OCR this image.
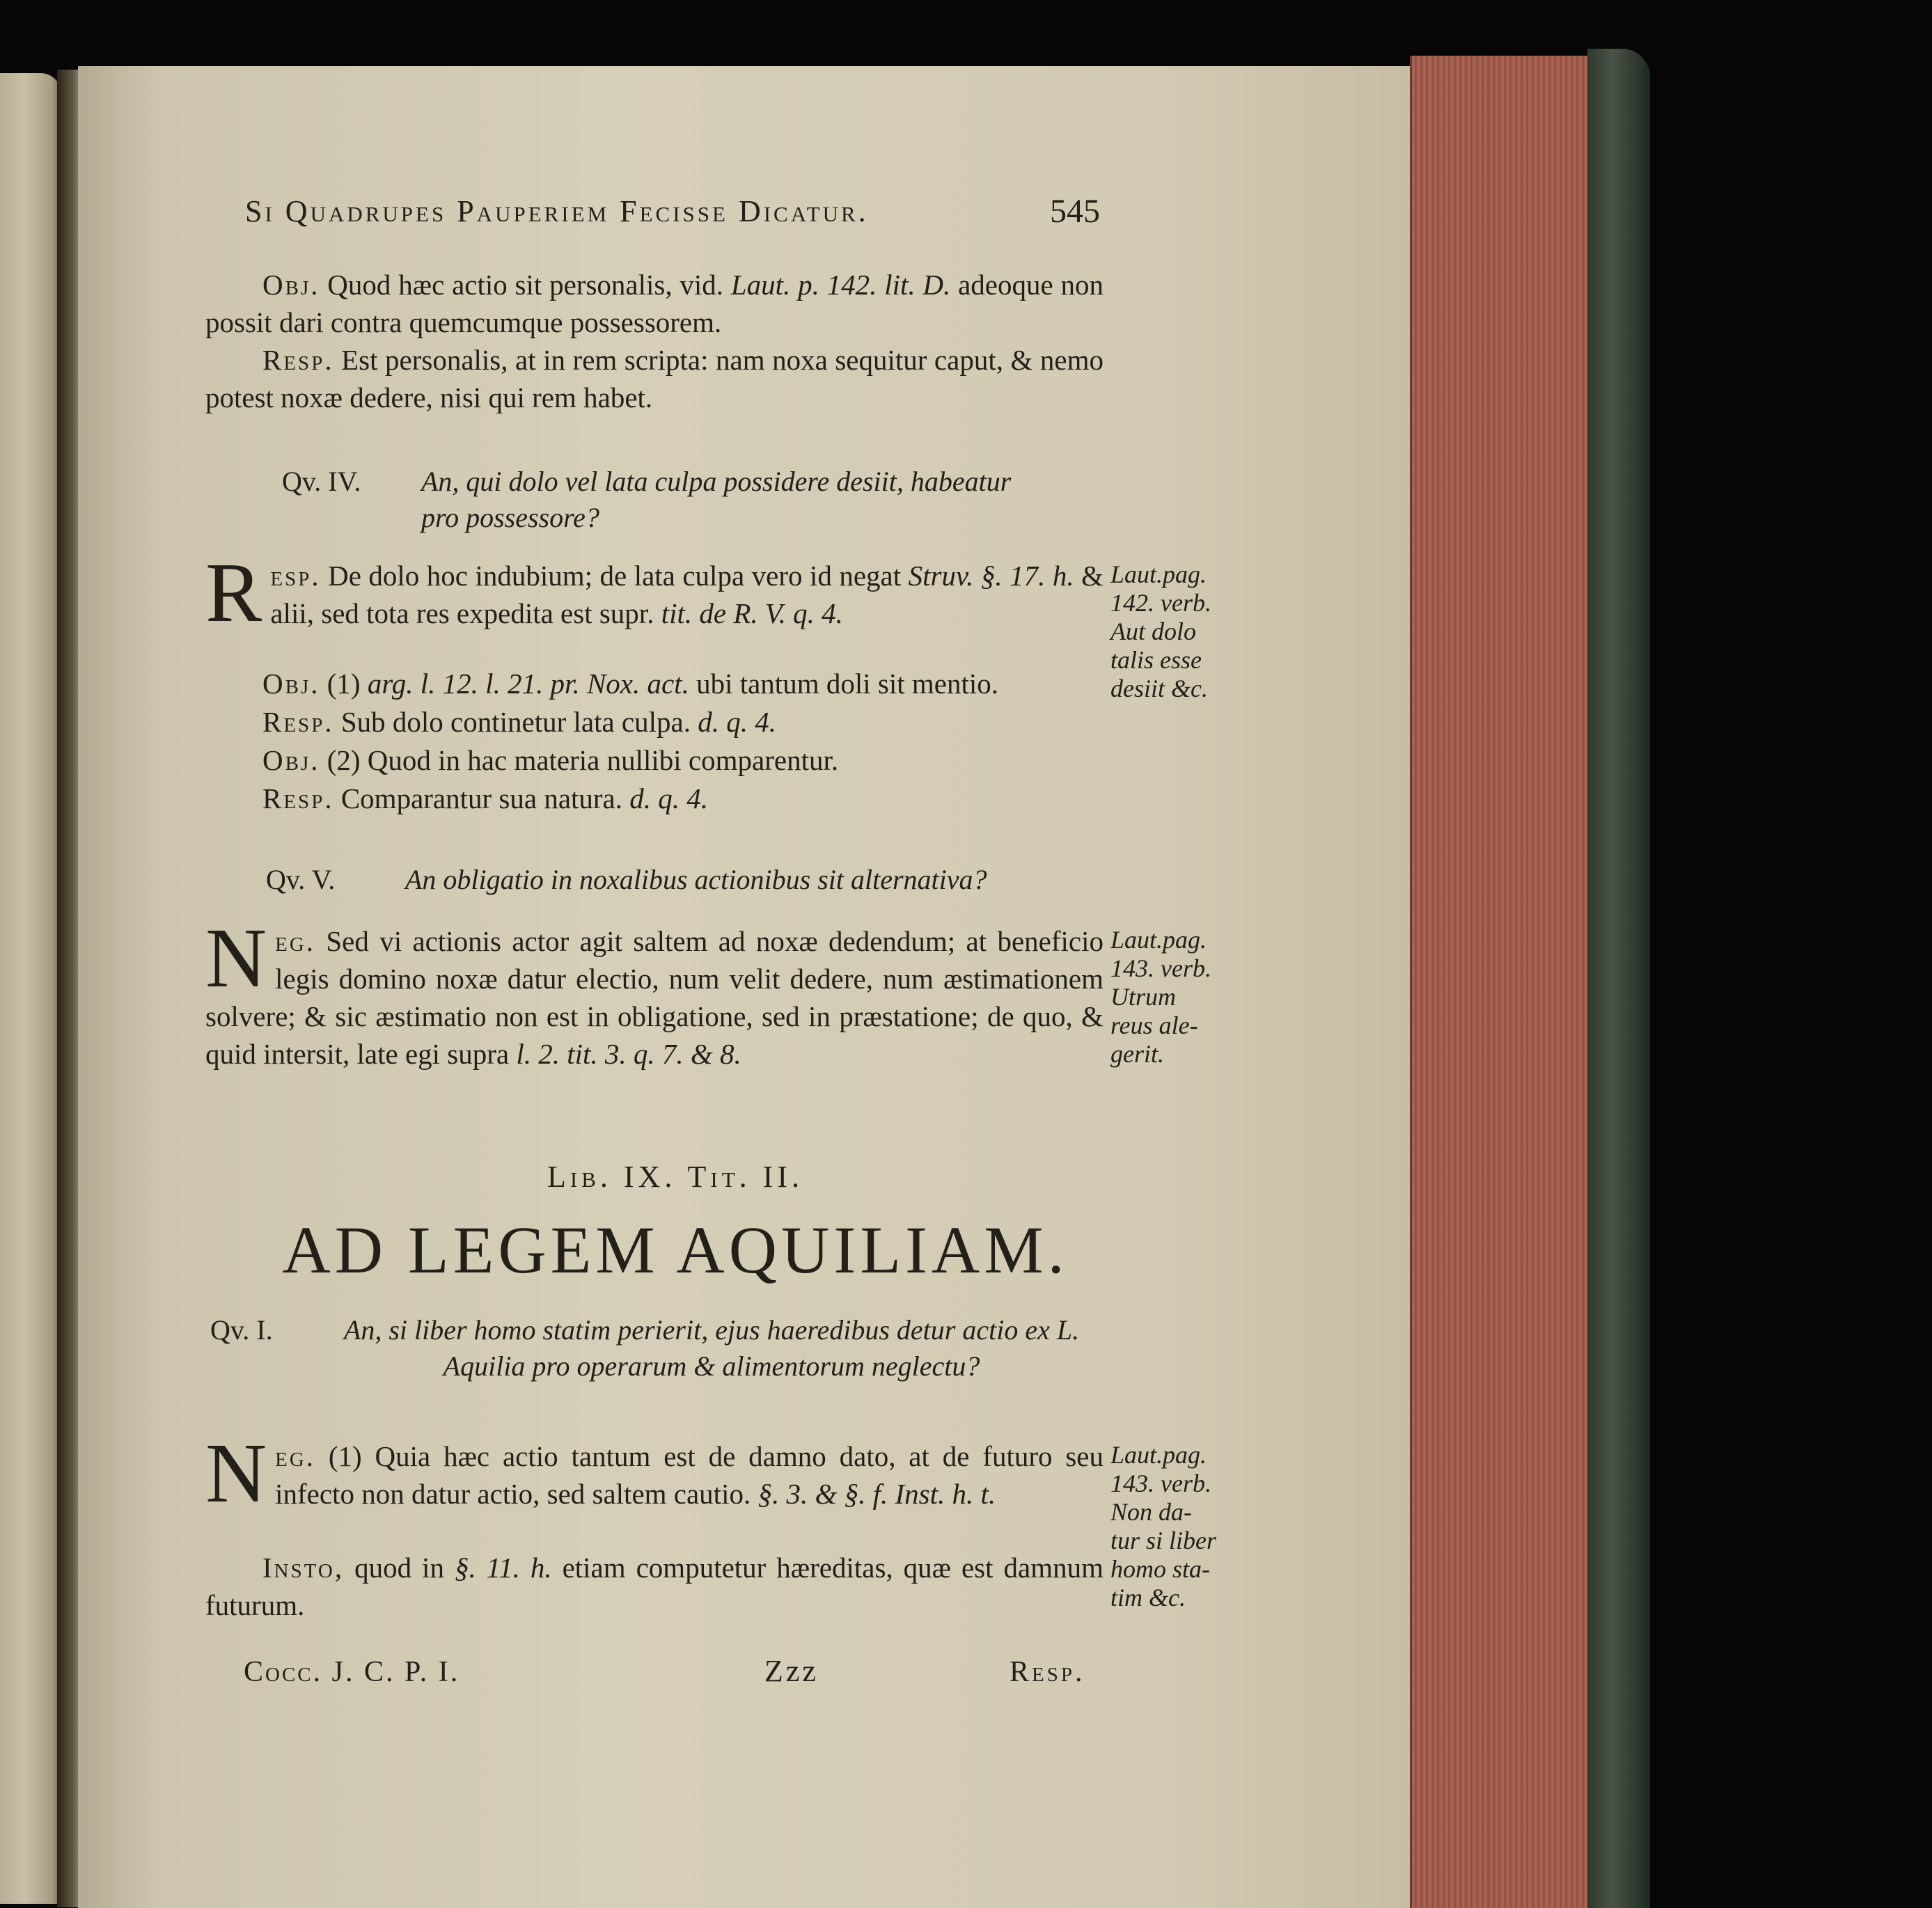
Si Quadrupes Pauperiem Fecisse Dicatur.	545
Obj. Quod hæc actio sit personalis, vid. Laut. p. 142. lit. D. adeoque non possit dari contra quemcumque possessorem.
Resp. Est personalis, at in rem scripta: nam noxa sequitur caput, & nemo potest noxæ dedere, nisi qui rem habet.
Qv. IV. An, qui dolo vel lata culpa possidere desiit, habeatur pro possessore?
Resp. De dolo hoc indubium; de lata culpa vero id negat Struv. §. 17. h. & alii, sed tota res expedita est supr. tit. de R. V. q. 4.
Obj. (1) arg. l. 12. l. 21. pr. Nox. act. ubi tantum doli sit mentio.
Resp. Sub dolo continetur lata culpa. d. q. 4.
Obj. (2) Quod in hac materia nullibi comparentur.
Resp. Comparantur sua natura. d. q. 4.
Laut.pag.
142. verb.
Aut dolo
talis esse
desiit &c.
Qv. V.	An obligatio in noxalibus actionibus sit alternativa?
Neg. Sed vi actionis actor agit saltem ad noxæ dedendum; at beneficio legis domino noxæ datur electio, num velit dedere, num æstimationem solvere; & sic æstimatio non est in obligatione, sed in præstatione; de quo, & quid intersit, late egi supra l. 2. tit. 3. q. 7. & 8.
Laut.pag.
143. verb.
Utrum
reus ale-
gerit.
Lib. IX. Tit. II.
AD LEGEM AQUILIAM.
Qv. I.	An, si liber homo statim perierit, ejus haeredibus detur actio ex L. Aquilia pro operarum & alimentorum neglectu?
Neg. (1) Quia hæc actio tantum est de damno dato, at de futuro seu infecto non datur actio, sed saltem cautio. §. 3. & §. f. Inst. h. t.
Insto, quod in §. 11. h. etiam computetur hæreditas, quæ est damnum futurum.
Laut.pag.
143. verb.
Non da-
tur si liber
homo sta-
tim &c.
Cocc. J. C. P. I.	Zzz	Resp.
